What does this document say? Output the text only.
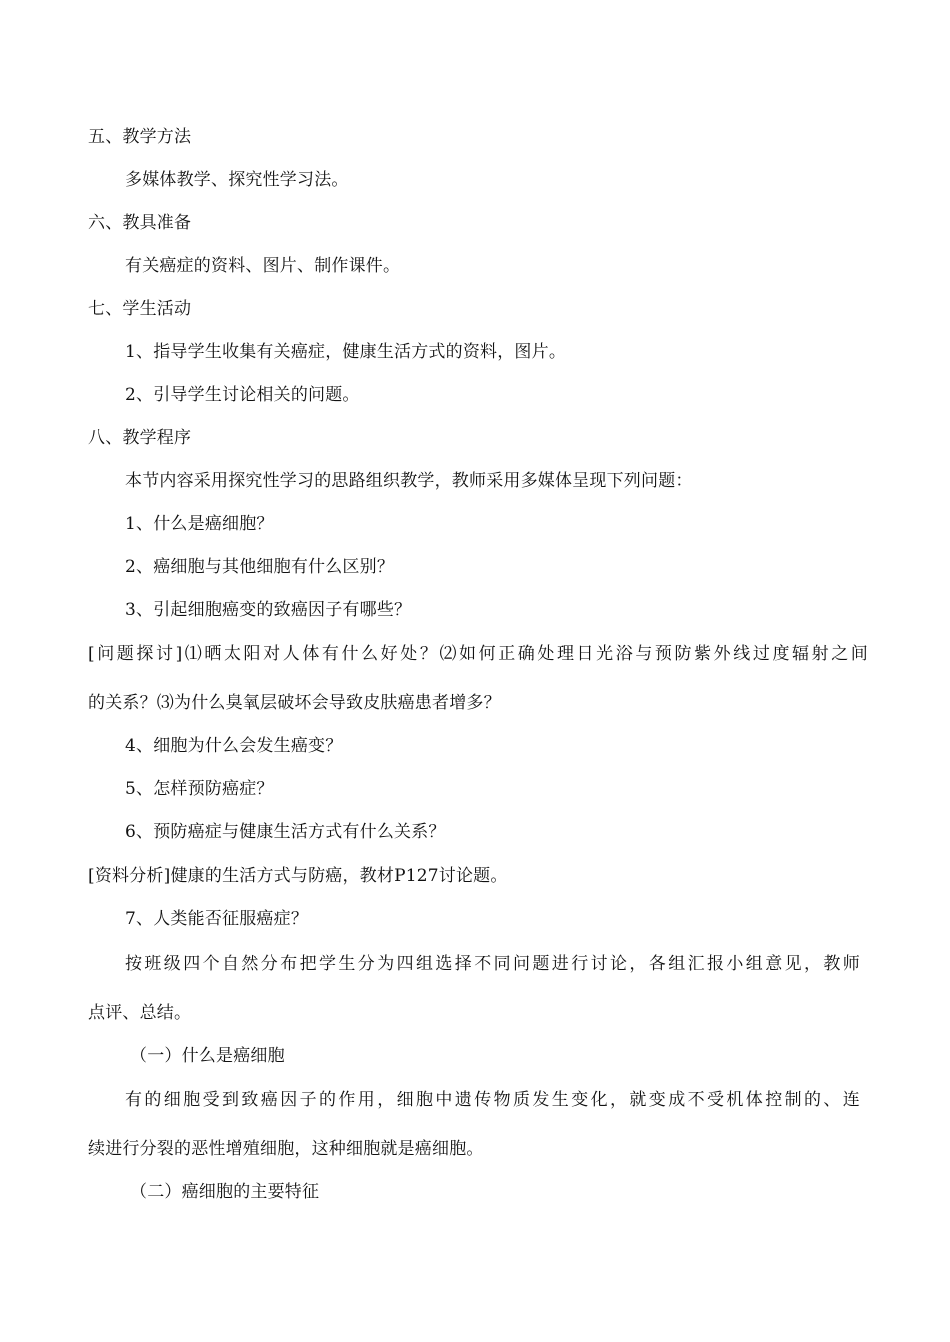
五、教学方法
多媒体教学、探究性学习法。
六、教具准备
有关癌症的资料、图片、制作课件。
七、学生活动
1、指导学生收集有关癌症，健康生活方式的资料，图片。
2、引导学生讨论相关的问题。
八、教学程序
本节内容采用探究性学习的思路组织教学，教师采用多媒体呈现下列问题：
1、什么是癌细胞？
2、癌细胞与其他细胞有什么区别？
3、引起细胞癌变的致癌因子有哪些？
[问题探讨]⑴晒太阳对人体有什么好处？⑵如何正确处理日光浴与预防紫外线过度辐射之间
的关系？⑶为什么臭氧层破坏会导致皮肤癌患者增多？
4、细胞为什么会发生癌变？
5、怎样预防癌症？
6、预防癌症与健康生活方式有什么关系？
[资料分析]健康的生活方式与防癌，教材P127讨论题。
7、人类能否征服癌症？
按班级四个自然分布把学生分为四组选择不同问题进行讨论，各组汇报小组意见，教师
点评、总结。
（一）什么是癌细胞
有的细胞受到致癌因子的作用，细胞中遗传物质发生变化，就变成不受机体控制的、连
续进行分裂的恶性增殖细胞，这种细胞就是癌细胞。
（二）癌细胞的主要特征
